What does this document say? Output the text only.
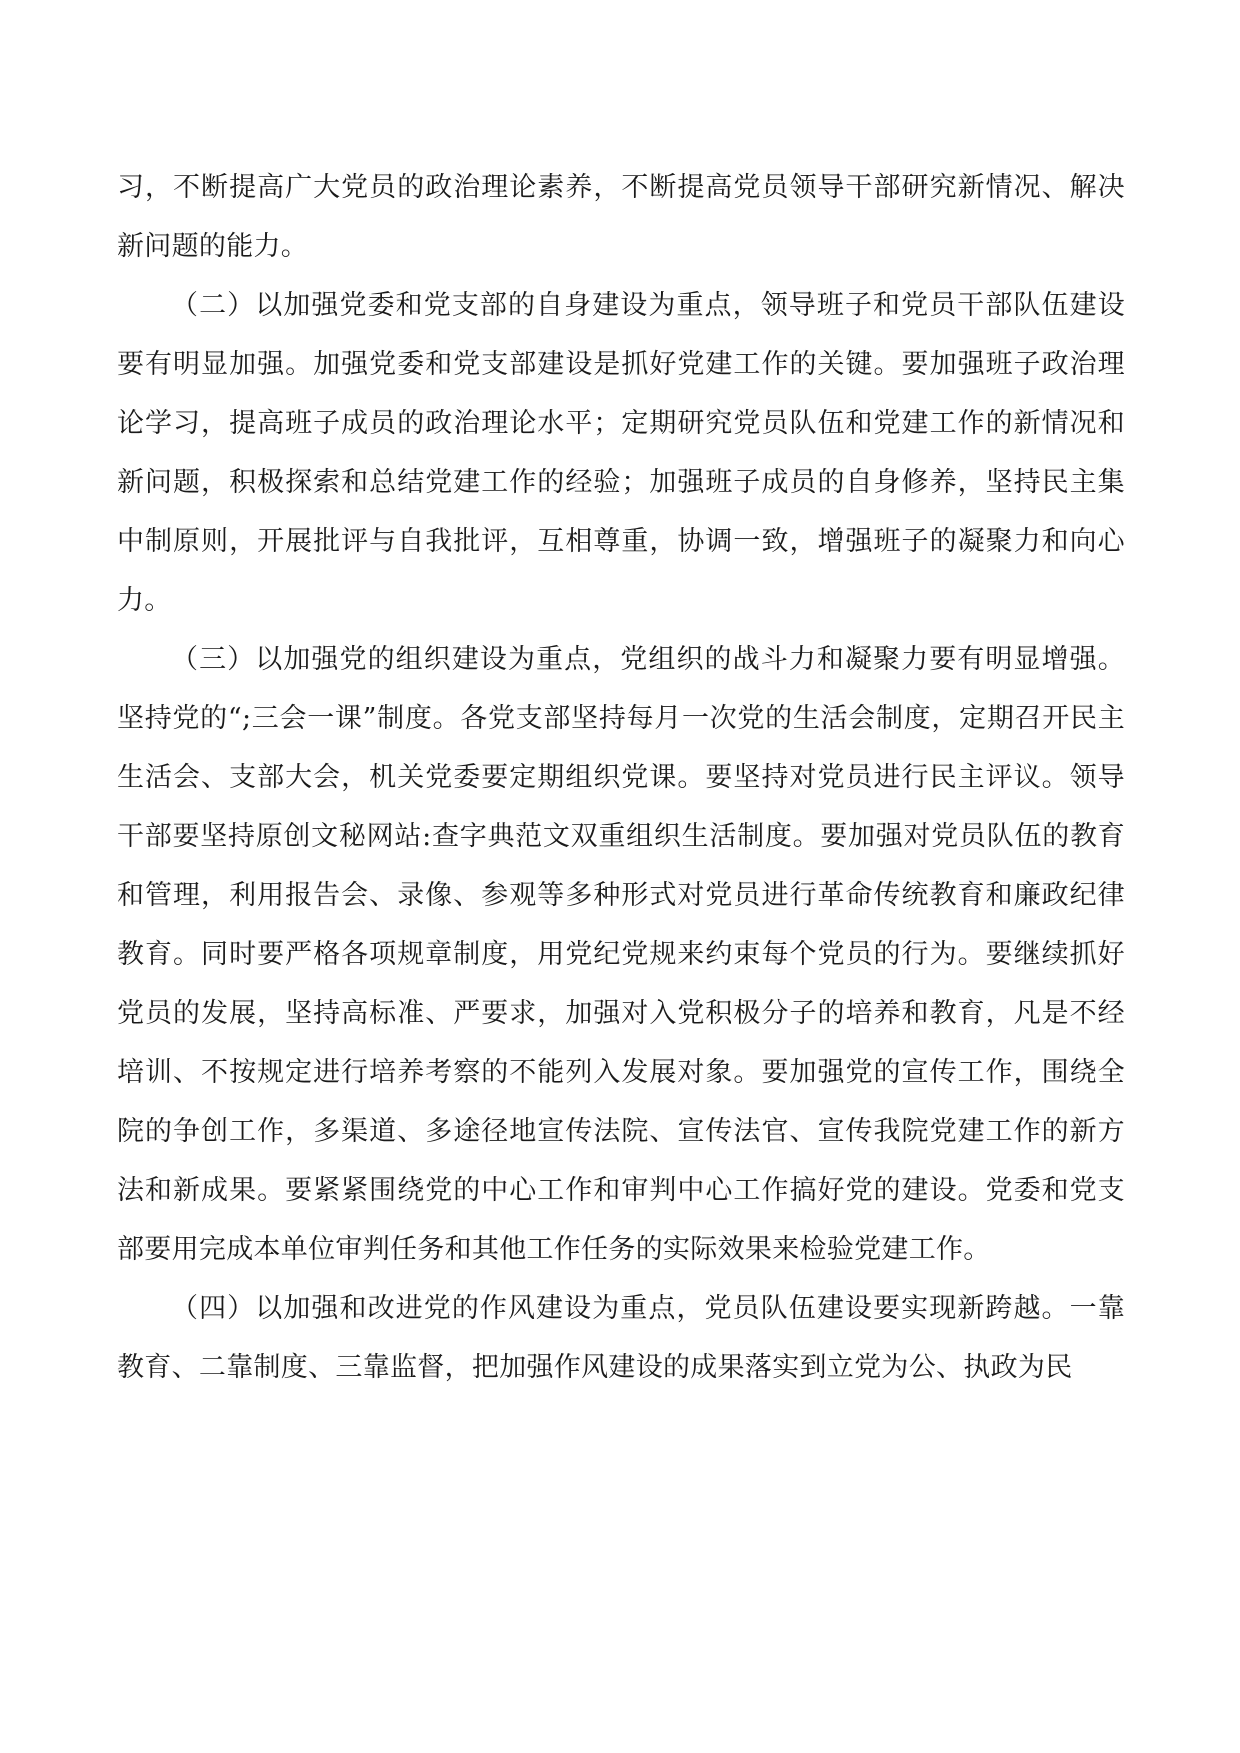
习，不断提高广大党员的政治理论素养，不断提高党员领导干部研究新情况、解决新问题的能力。

（二）以加强党委和党支部的自身建设为重点，领导班子和党员干部队伍建设要有明显加强。加强党委和党支部建设是抓好党建工作的关键。要加强班子政治理论学习，提高班子成员的政治理论水平；定期研究党员队伍和党建工作的新情况和新问题，积极探索和总结党建工作的经验；加强班子成员的自身修养，坚持民主集中制原则，开展批评与自我批评，互相尊重，协调一致，增强班子的凝聚力和向心力。

（三）以加强党的组织建设为重点，党组织的战斗力和凝聚力要有明显增强。坚持党的“;三会一课”制度。各党支部坚持每月一次党的生活会制度，定期召开民主生活会、支部大会，机关党委要定期组织党课。要坚持对党员进行民主评议。领导干部要坚持原创文秘网站:查字典范文双重组织生活制度。要加强对党员队伍的教育和管理，利用报告会、录像、参观等多种形式对党员进行革命传统教育和廉政纪律教育。同时要严格各项规章制度，用党纪党规来约束每个党员的行为。要继续抓好党员的发展，坚持高标准、严要求，加强对入党积极分子的培养和教育，凡是不经培训、不按规定进行培养考察的不能列入发展对象。要加强党的宣传工作，围绕全院的争创工作，多渠道、多途径地宣传法院、宣传法官、宣传我院党建工作的新方法和新成果。要紧紧围绕党的中心工作和审判中心工作搞好党的建设。党委和党支部要用完成本单位审判任务和其他工作任务的实际效果来检验党建工作。

（四）以加强和改进党的作风建设为重点，党员队伍建设要实现新跨越。一靠教育、二靠制度、三靠监督，把加强作风建设的成果落实到立党为公、执政为民
